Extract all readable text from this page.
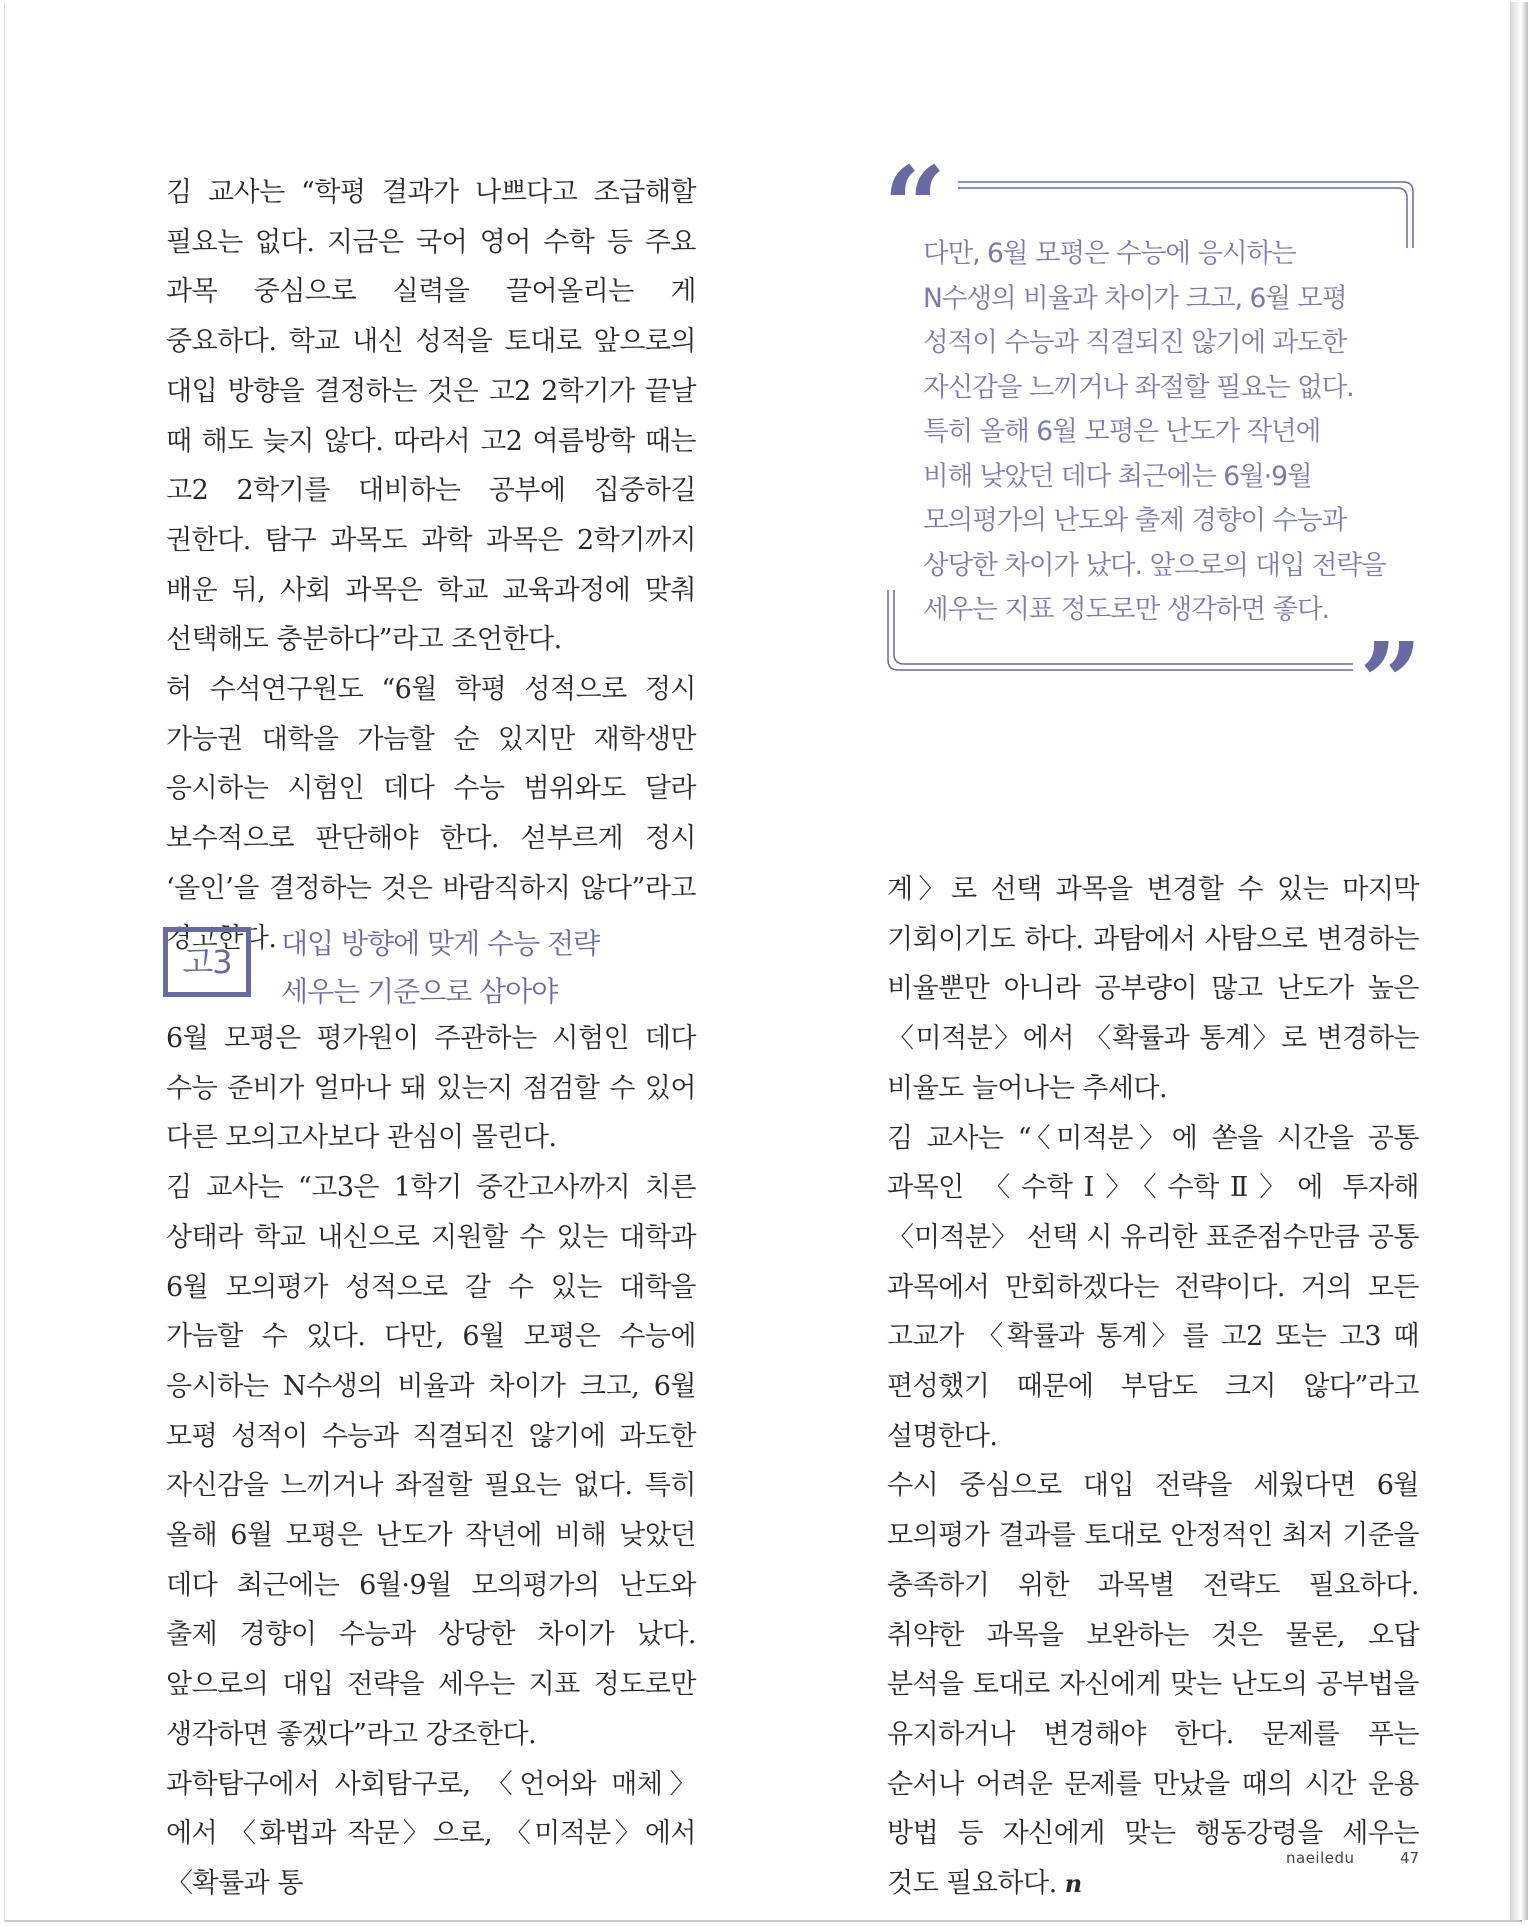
김 교사는 “학평 결과가 나쁘다고 조급해할 필요는 없다. 지금은 국어 영어 수학 등 주요 과목 중심으로 실력을 끌어올리는 게 중요하다. 학교 내신 성적을 토대로 앞으로의 대입 방향을 결정하는 것은 고2 2학기가 끝날 때 해도 늦지 않다. 따라서 고2 여름방학 때는 고2 2학기를 대비하는 공부에 집중하길 권한다. 탐구 과목도 과학 과목은 2학기까지 배운 뒤, 사회 과목은 학교 교육과정에 맞춰 선택해도 충분하다”라고 조언한다.

허 수석연구원도 “6월 학평 성적으로 정시 가능권 대학을 가늠할 순 있지만 재학생만 응시하는 시험인 데다 수능 범위와도 달라 보수적으로 판단해야 한다. 섣부르게 정시 ‘올인’을 결정하는 것은 바람직하지 않다”라고 경고한다.

고3	대입 방향에 맞게 수능 전략
세우는 기준으로 삼아야

6월 모평은 평가원이 주관하는 시험인 데다 수능 준비가 얼마나 돼 있는지 점검할 수 있어 다른 모의고사보다 관심이 몰린다.

김 교사는 “고3은 1학기 중간고사까지 치른 상태라 학교 내신으로 지원할 수 있는 대학과 6월 모의평가 성적으로 갈 수 있는 대학을 가늠할 수 있다. 다만, 6월 모평은 수능에 응시하는 N수생의 비율과 차이가 크고, 6월 모평 성적이 수능과 직결되진 않기에 과도한 자신감을 느끼거나 좌절할 필요는 없다. 특히 올해 6월 모평은 난도가 작년에 비해 낮았던 데다 최근에는 6월·9월 모의평가의 난도와 출제 경향이 수능과 상당한 차이가 났다. 앞으로의 대입 전략을 세우는 지표 정도로만 생각하면 좋겠다”라고 강조한다.

과학탐구에서 사회탐구로, 〈언어와 매체〉에서 〈화법과 작문〉으로, 〈미적분〉에서 〈확률과 통

“
다만, 6월 모평은 수능에 응시하는
N수생의 비율과 차이가 크고, 6월 모평
성적이 수능과 직결되진 않기에 과도한
자신감을 느끼거나 좌절할 필요는 없다.
특히 올해 6월 모평은 난도가 작년에
비해 낮았던 데다 최근에는 6월·9월
모의평가의 난도와 출제 경향이 수능과
상당한 차이가 났다. 앞으로의 대입 전략을
세우는 지표 정도로만 생각하면 좋다.
”

계〉로 선택 과목을 변경할 수 있는 마지막 기회이기도 하다. 과탐에서 사탐으로 변경하는 비율뿐만 아니라 공부량이 많고 난도가 높은 〈미적분〉에서 〈확률과 통계〉로 변경하는 비율도 늘어나는 추세다.

김 교사는 “〈미적분〉에 쏟을 시간을 공통 과목인 〈수학Ⅰ〉〈수학Ⅱ〉에 투자해 〈미적분〉 선택 시 유리한 표준점수만큼 공통 과목에서 만회하겠다는 전략이다. 거의 모든 고교가 〈확률과 통계〉를 고2 또는 고3 때 편성했기 때문에 부담도 크지 않다”라고 설명한다.

수시 중심으로 대입 전략을 세웠다면 6월 모의평가 결과를 토대로 안정적인 최저 기준을 충족하기 위한 과목별 전략도 필요하다. 취약한 과목을 보완하는 것은 물론, 오답 분석을 토대로 자신에게 맞는 난도의 공부법을 유지하거나 변경해야 한다. 문제를 푸는 순서나 어려운 문제를 만났을 때의 시간 운용 방법 등 자신에게 맞는 행동강령을 세우는 것도 필요하다. n

naeiledu	47
